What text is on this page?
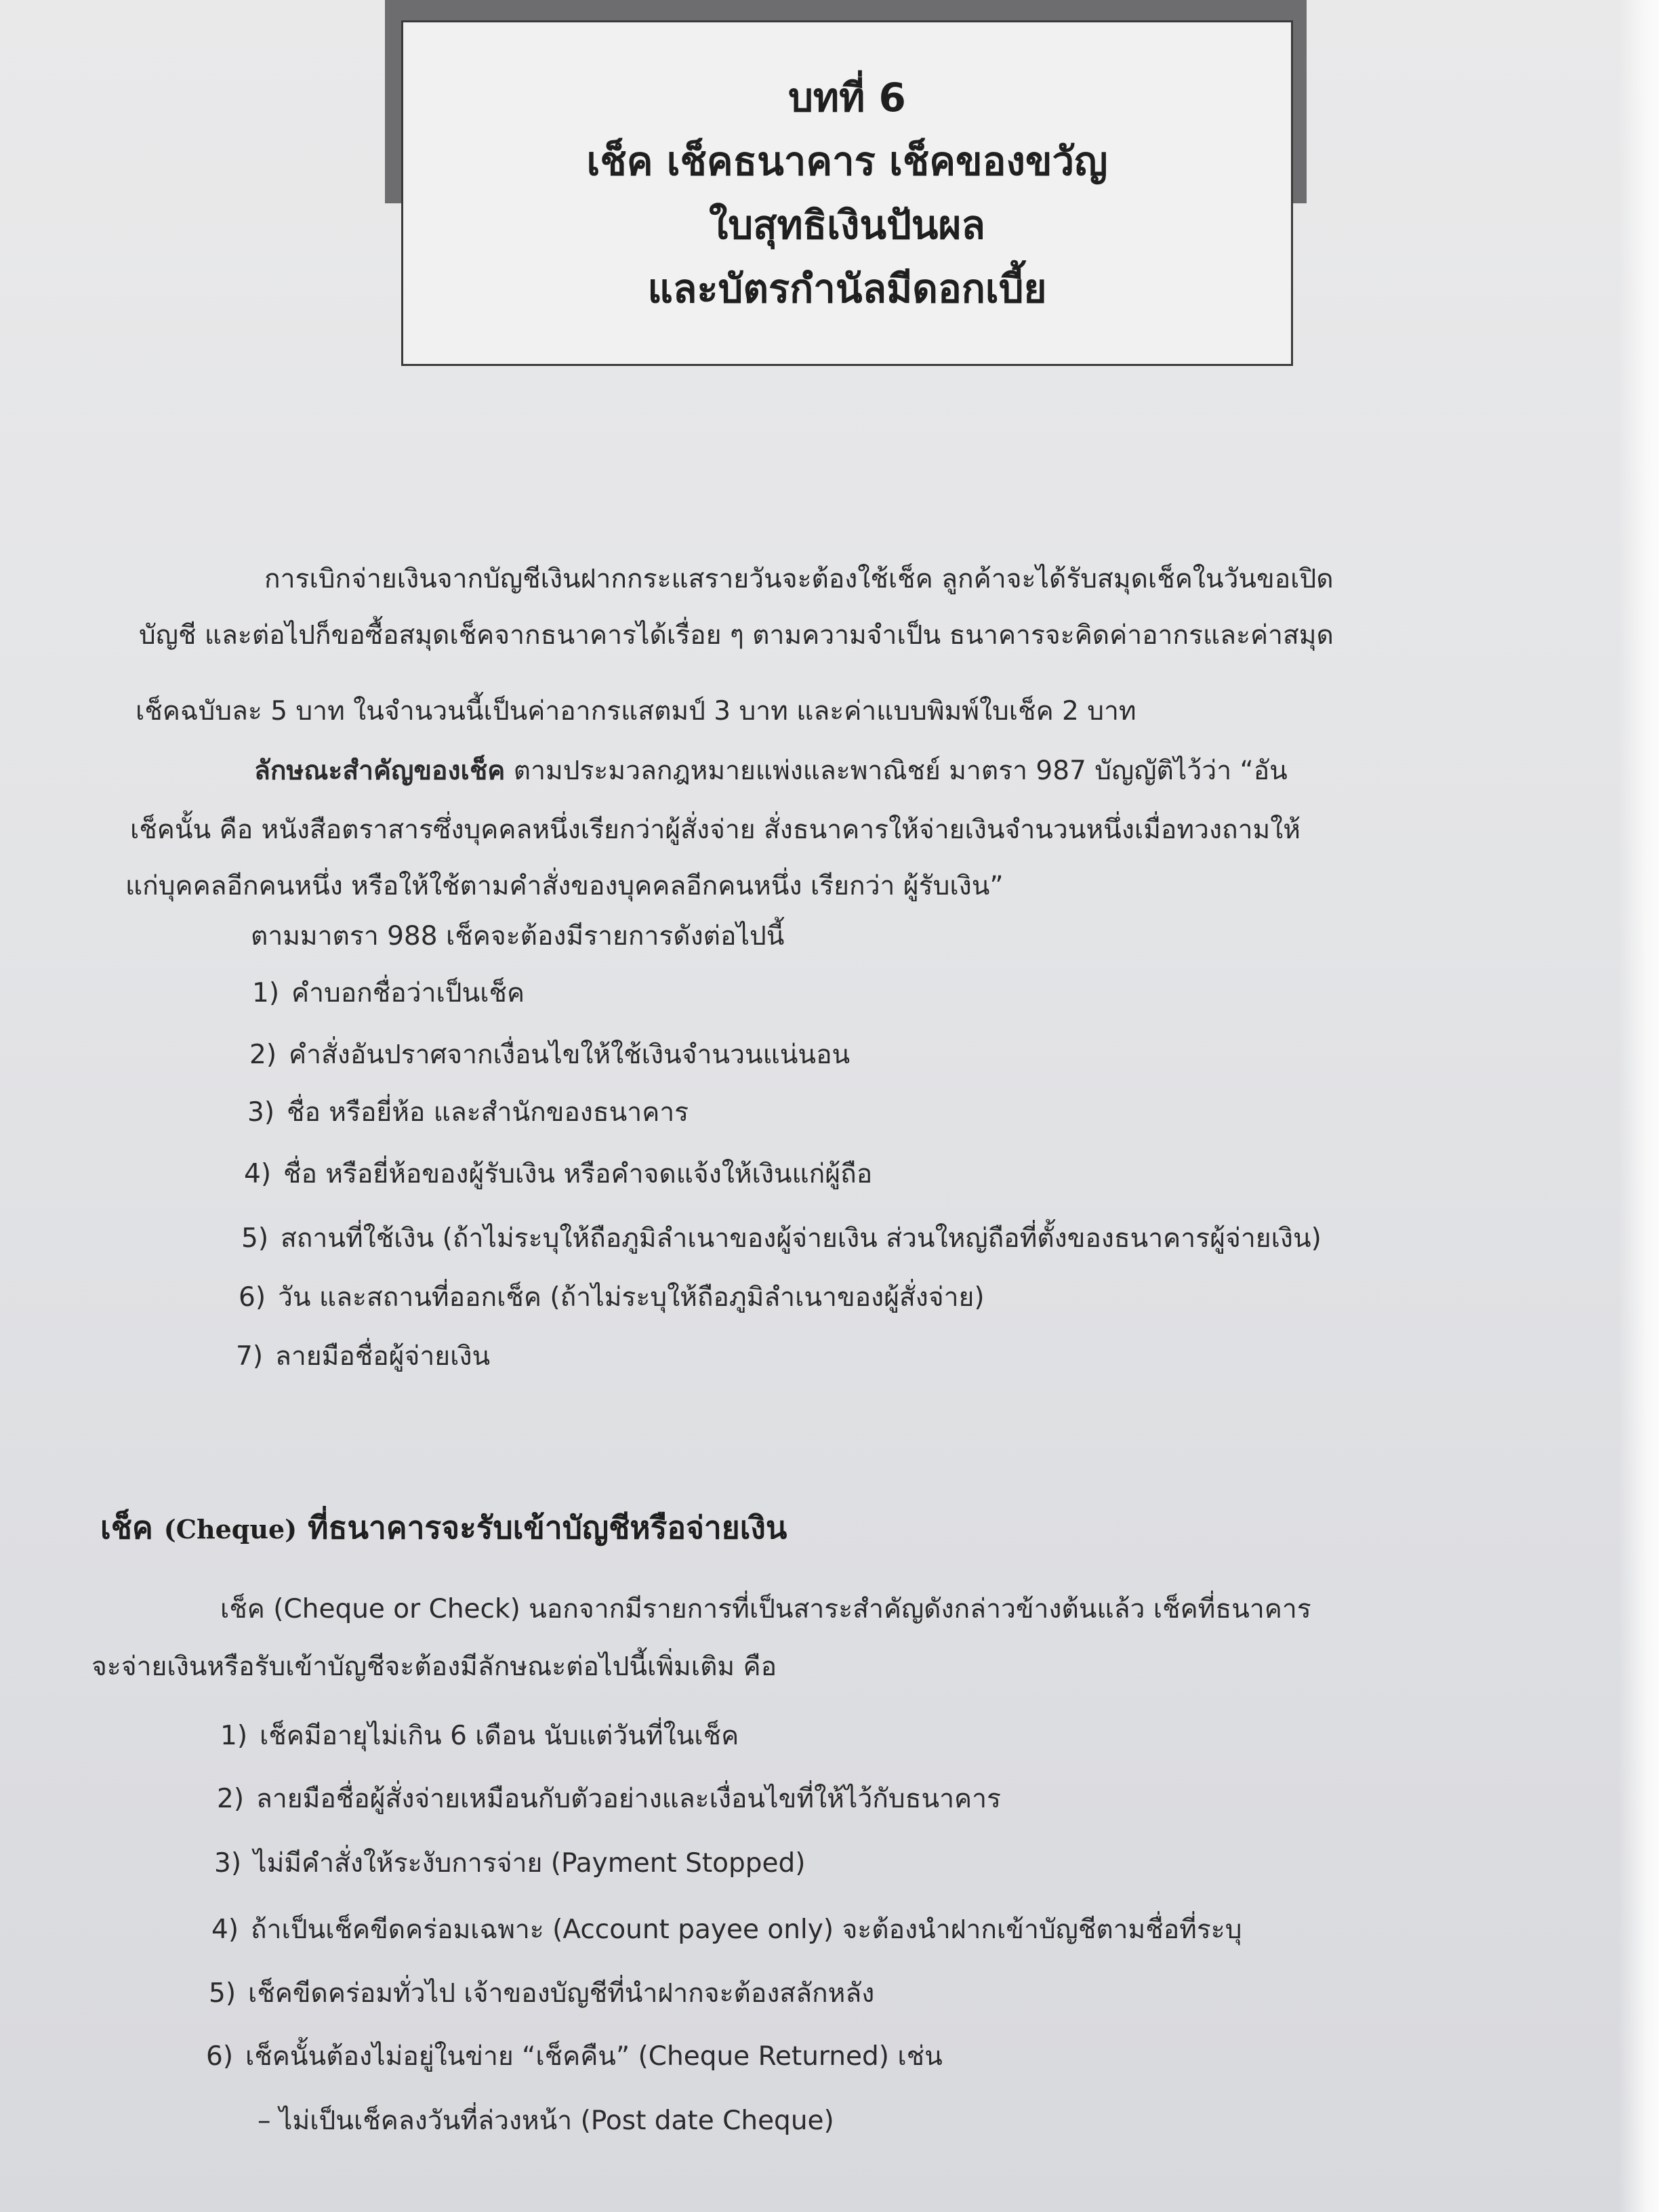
บทที่ 6
เช็ค เช็คธนาคาร เช็คของขวัญ
ใบสุทธิเงินปันผล
และบัตรกำนัลมีดอกเบี้ย
การเบิกจ่ายเงินจากบัญชีเงินฝากกระแสรายวันจะต้องใช้เช็ค ลูกค้าจะได้รับสมุดเช็คในวันขอเปิด
บัญชี และต่อไปก็ขอซื้อสมุดเช็คจากธนาคารได้เรื่อย ๆ ตามความจำเป็น ธนาคารจะคิดค่าอากรและค่าสมุด
เช็คฉบับละ 5 บาท ในจำนวนนี้เป็นค่าอากรแสตมป์ 3 บาท และค่าแบบพิมพ์ใบเช็ค 2 บาท
ลักษณะสำคัญของเช็ค ตามประมวลกฎหมายแพ่งและพาณิชย์ มาตรา 987 บัญญัติไว้ว่า “อัน
เช็คนั้น คือ หนังสือตราสารซึ่งบุคคลหนึ่งเรียกว่าผู้สั่งจ่าย สั่งธนาคารให้จ่ายเงินจำนวนหนึ่งเมื่อทวงถามให้
แก่บุคคลอีกคนหนึ่ง หรือให้ใช้ตามคำสั่งของบุคคลอีกคนหนึ่ง เรียกว่า ผู้รับเงิน”
ตามมาตรา 988 เช็คจะต้องมีรายการดังต่อไปนี้
1) คำบอกชื่อว่าเป็นเช็ค
2) คำสั่งอันปราศจากเงื่อนไขให้ใช้เงินจำนวนแน่นอน
3) ชื่อ หรือยี่ห้อ และสำนักของธนาคาร
4) ชื่อ หรือยี่ห้อของผู้รับเงิน หรือคำจดแจ้งให้เงินแก่ผู้ถือ
5) สถานที่ใช้เงิน (ถ้าไม่ระบุให้ถือภูมิลำเนาของผู้จ่ายเงิน ส่วนใหญ่ถือที่ตั้งของธนาคารผู้จ่ายเงิน)
6) วัน และสถานที่ออกเช็ค (ถ้าไม่ระบุให้ถือภูมิลำเนาของผู้สั่งจ่าย)
7) ลายมือชื่อผู้จ่ายเงิน
เช็ค (Cheque) ที่ธนาคารจะรับเข้าบัญชีหรือจ่ายเงิน
เช็ค (Cheque or Check) นอกจากมีรายการที่เป็นสาระสำคัญดังกล่าวข้างต้นแล้ว เช็คที่ธนาคาร
จะจ่ายเงินหรือรับเข้าบัญชีจะต้องมีลักษณะต่อไปนี้เพิ่มเติม คือ
1) เช็คมีอายุไม่เกิน 6 เดือน นับแต่วันที่ในเช็ค
2) ลายมือชื่อผู้สั่งจ่ายเหมือนกับตัวอย่างและเงื่อนไขที่ให้ไว้กับธนาคาร
3) ไม่มีคำสั่งให้ระงับการจ่าย (Payment Stopped)
4) ถ้าเป็นเช็คขีดคร่อมเฉพาะ (Account payee only) จะต้องนำฝากเข้าบัญชีตามชื่อที่ระบุ
5) เช็คขีดคร่อมทั่วไป เจ้าของบัญชีที่นำฝากจะต้องสลักหลัง
6) เช็คนั้นต้องไม่อยู่ในข่าย “เช็คคืน” (Cheque Returned) เช่น
– ไม่เป็นเช็คลงวันที่ล่วงหน้า (Post date Cheque)
